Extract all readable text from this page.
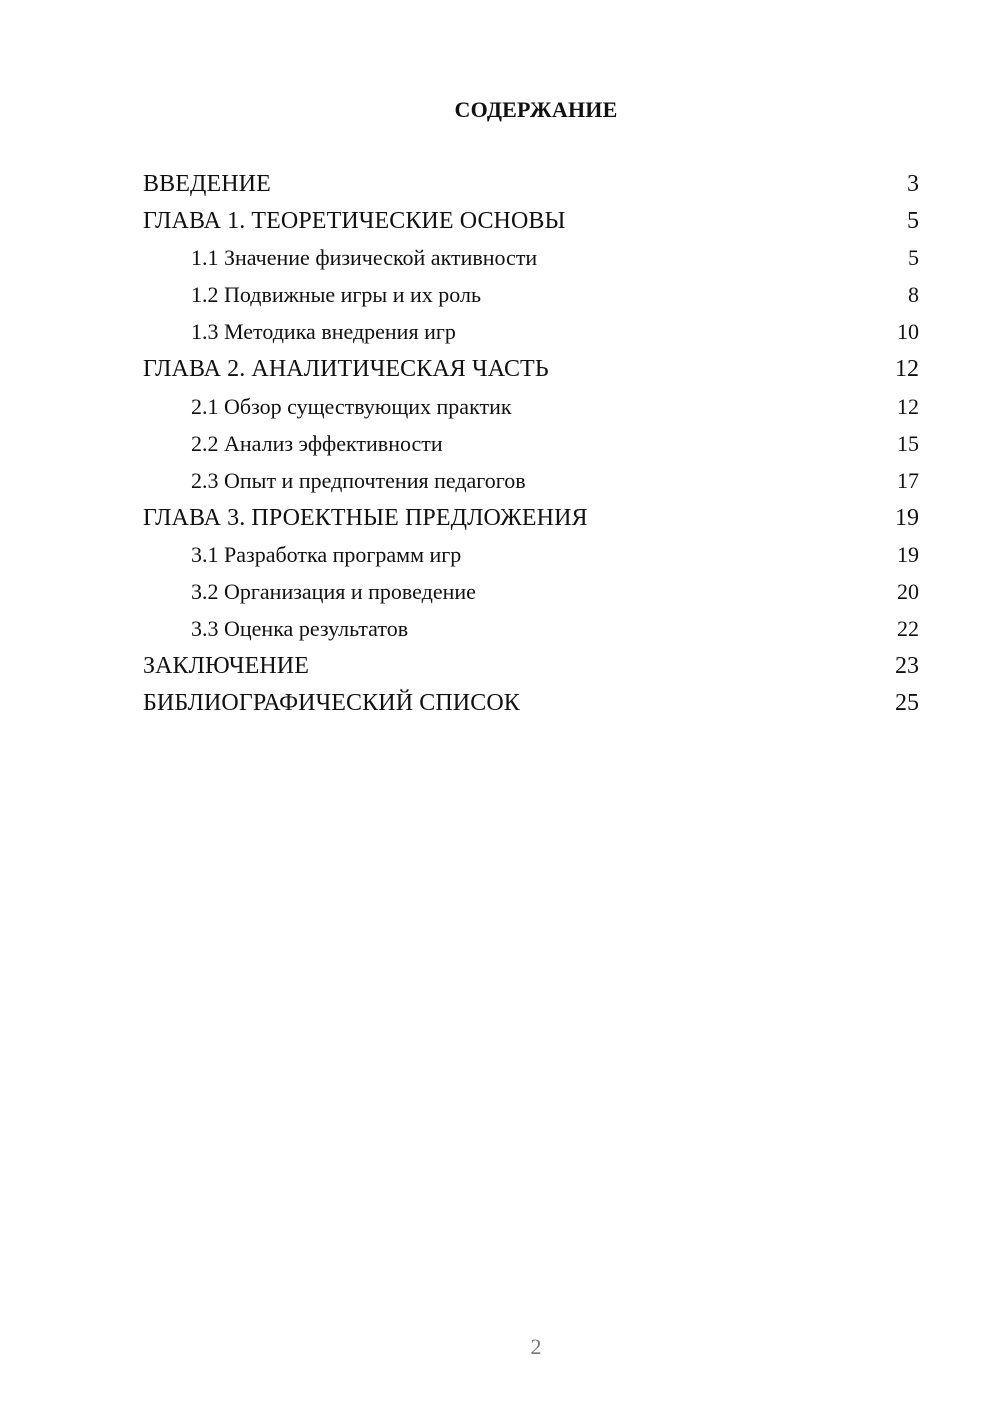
СОДЕРЖАНИЕ
ВВЕДЕНИЕ	3
ГЛАВА 1. ТЕОРЕТИЧЕСКИЕ ОСНОВЫ	5
1.1 Значение физической активности	5
1.2 Подвижные игры и их роль	8
1.3 Методика внедрения игр	10
ГЛАВА 2. АНАЛИТИЧЕСКАЯ ЧАСТЬ	12
2.1 Обзор существующих практик	12
2.2 Анализ эффективности	15
2.3 Опыт и предпочтения педагогов	17
ГЛАВА 3. ПРОЕКТНЫЕ ПРЕДЛОЖЕНИЯ	19
3.1 Разработка программ игр	19
3.2 Организация и проведение	20
3.3 Оценка результатов	22
ЗАКЛЮЧЕНИЕ	23
БИБЛИОГРАФИЧЕСКИЙ СПИСОК	25
2
